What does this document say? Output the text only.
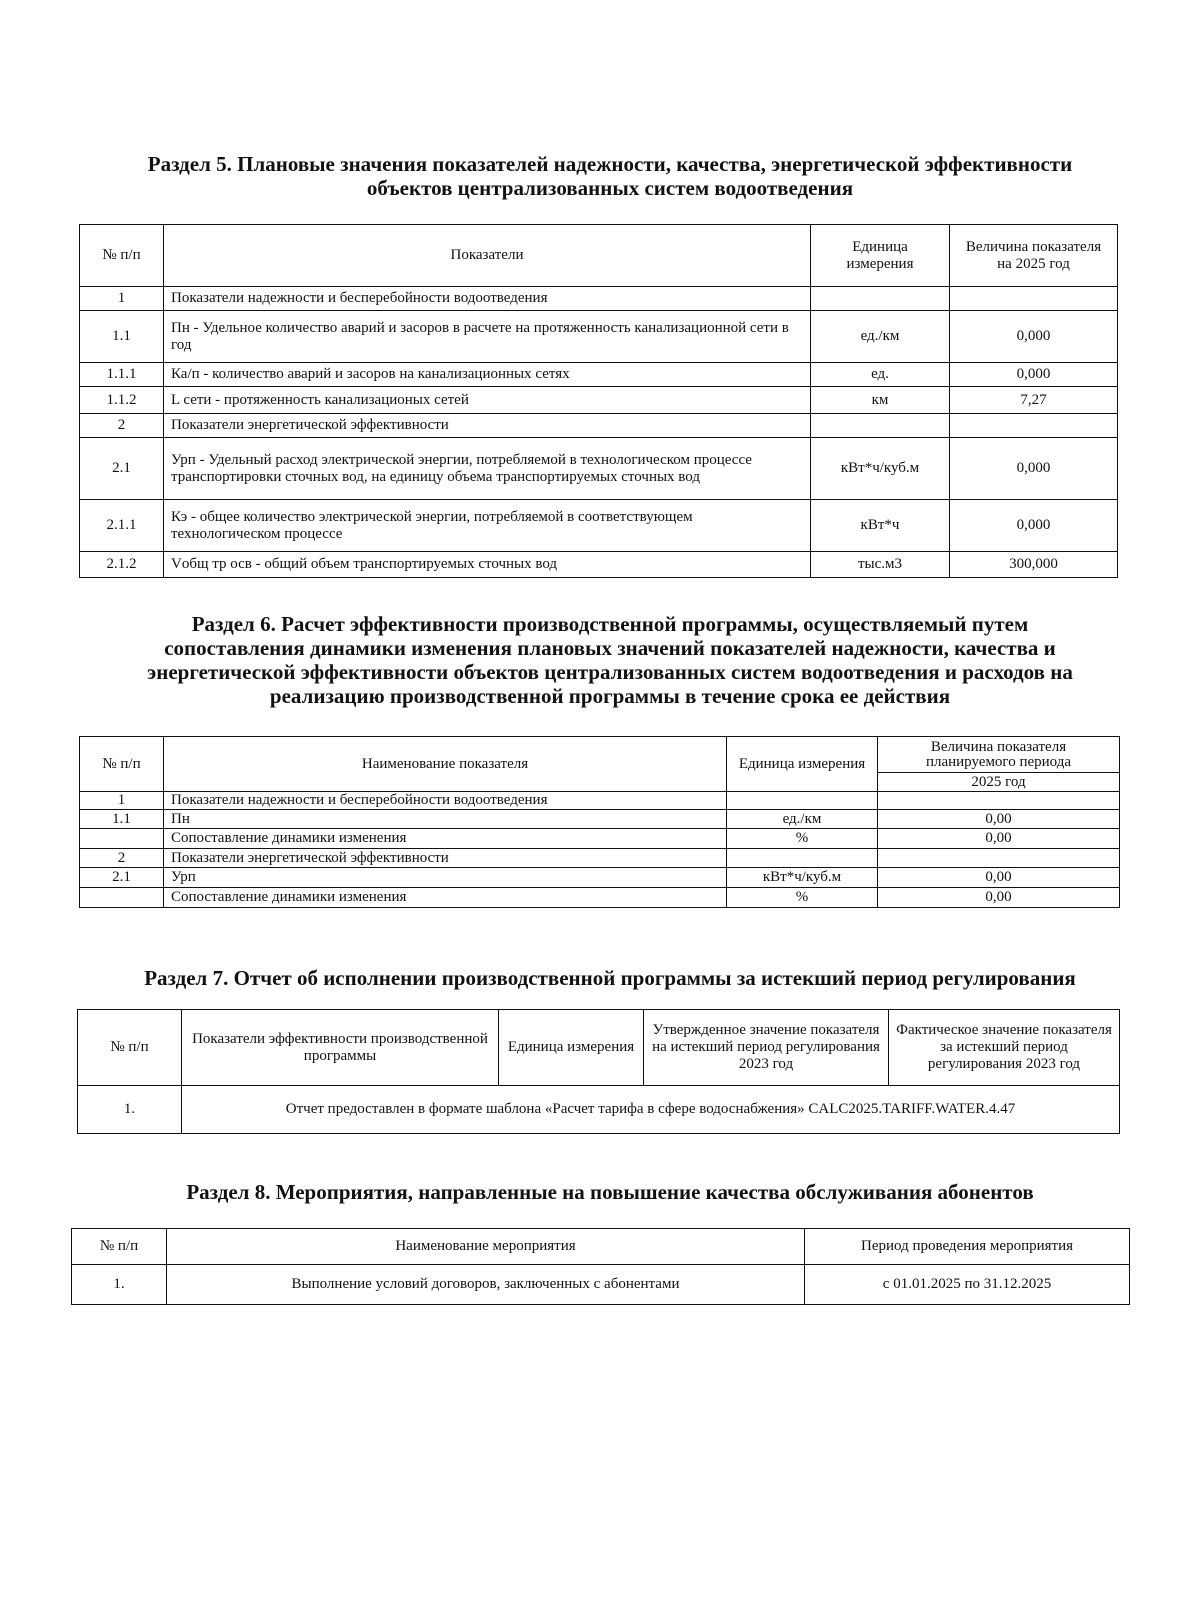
Раздел 5. Плановые значения показателей надежности, качества, энергетической эффективности
объектов централизованных систем водоотведения
№ п/п	Показатели	Единица измерения	Величина показателя на 2025 год
1	Показатели надежности и бесперебойности водоотведения		
1.1	Пн - Удельное количество аварий и засоров в расчете на протяженность канализационной сети в год	ед./км	0,000
1.1.1	Ка/п - количество аварий и засоров на канализационных сетях	ед.	0,000
1.1.2	L сети - протяженность канализационых сетей	км	7,27
2	Показатели энергетической эффективности		
2.1	Урп - Удельный расход электрической энергии, потребляемой в технологическом процессе транспортировки сточных вод, на единицу объема транспортируемых сточных вод	кВт*ч/куб.м	0,000
2.1.1	Кэ - общее количество электрической энергии, потребляемой в соответствующем технологическом процессе	кВт*ч	0,000
2.1.2	Vобщ тр осв - общий объем транспортируемых сточных вод	тыс.м3	300,000
Раздел 6. Расчет эффективности производственной программы, осуществляемый путем
сопоставления динамики изменения плановых значений показателей надежности, качества и
энергетической эффективности объектов централизованных систем водоотведения и расходов на
реализацию производственной программы в течение срока ее действия
№ п/п	Наименование показателя	Единица измерения	Величина показателя планируемого периода
			2025 год
1	Показатели надежности и бесперебойности водоотведения		
1.1	Пн	ед./км	0,00
	Сопоставление динамики изменения	%	0,00
2	Показатели энергетической эффективности		
2.1	Урп	кВт*ч/куб.м	0,00
	Сопоставление динамики изменения	%	0,00
Раздел 7. Отчет об исполнении производственной программы за истекший период регулирования
№ п/п	Показатели эффективности производственной программы	Единица измерения	Утвержденное значение показателя на истекший период регулирования 2023 год	Фактическое значение показателя за истекший период регулирования 2023 год
1.	Отчет предоставлен в формате шаблона «Расчет тарифа в сфере водоснабжения» CALC2025.TARIFF.WATER.4.47			
Раздел 8. Мероприятия, направленные на повышение качества обслуживания абонентов
№ п/п	Наименование мероприятия	Период проведения мероприятия
1.	Выполнение условий договоров, заключенных с абонентами	с 01.01.2025 по 31.12.2025
